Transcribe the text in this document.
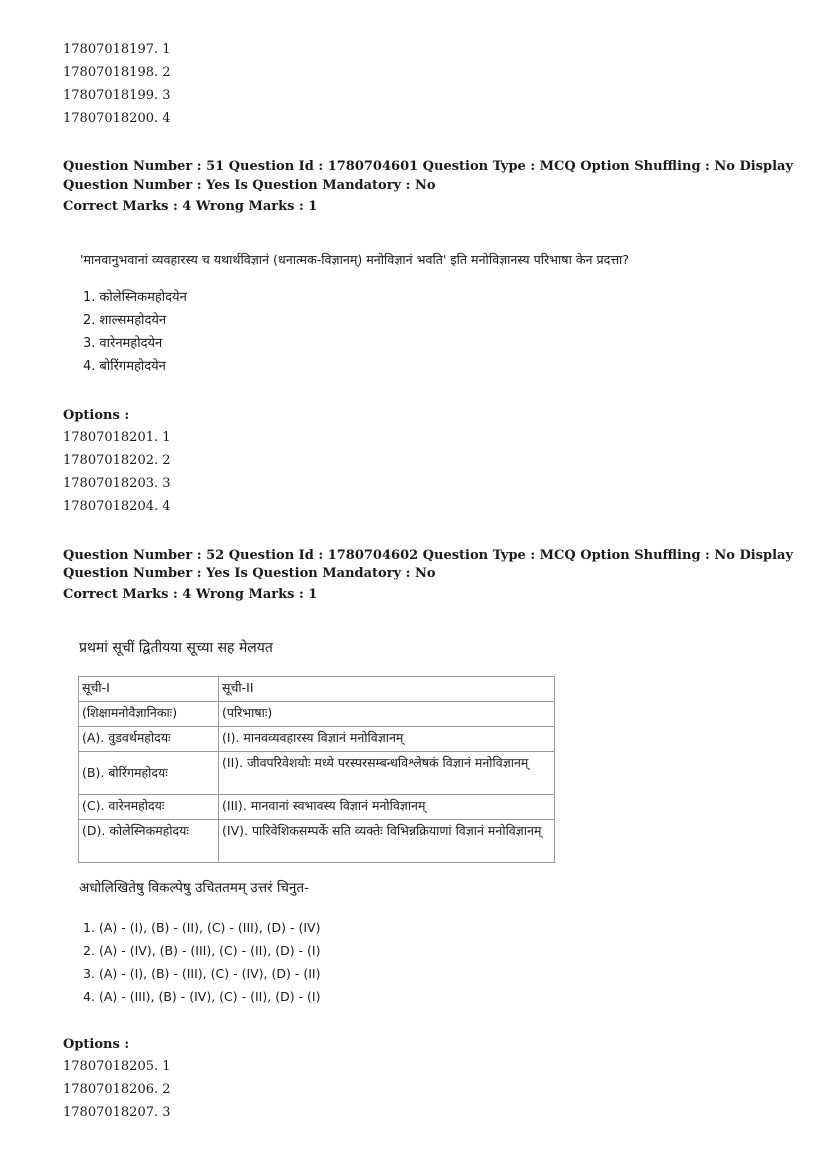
17807018197. 1
17807018198. 2
17807018199. 3
17807018200. 4
Question Number : 51 Question Id : 1780704601 Question Type : MCQ Option Shuffling : No Display
Question Number : Yes Is Question Mandatory : No
Correct Marks : 4 Wrong Marks : 1
'मानवानुभवानां व्यवहारस्य च यथार्थविज्ञानं (धनात्मक-विज्ञानम्) मनोविज्ञानं भवति' इति मनोविज्ञानस्य परिभाषा केन प्रदत्ता?
1. कोलेस्निकमहोदयेन
2. शाल्समहोदयेन
3. वारेनमहोदयेन
4. बोरिंगमहोदयेन
Options :
17807018201. 1
17807018202. 2
17807018203. 3
17807018204. 4
Question Number : 52 Question Id : 1780704602 Question Type : MCQ Option Shuffling : No Display
Question Number : Yes Is Question Mandatory : No
Correct Marks : 4 Wrong Marks : 1
प्रथमां सूचीं द्वितीयया सूच्या सह मेलयत
सूची-I	सूची-II
(शिक्षामनोवैज्ञानिकाः)	(परिभाषाः)
(A). वुडवर्थमहोदयः	(I). मानवव्यवहारस्य विज्ञानं मनोविज्ञानम्
(B). बोरिंगमहोदयः	(II). जीवपरिवेशयोः मध्ये परस्परसम्बन्धविश्लेषकं विज्ञानं मनोविज्ञानम्
(C). वारेनमहोदयः	(III). मानवानां स्वभावस्य विज्ञानं मनोविज्ञानम्
(D). कोलेस्निकमहोदयः	(IV). पारिवेशिकसम्पर्के सति व्यक्तेः विभिन्नक्रियाणां विज्ञानं मनोविज्ञानम्
अधोलिखितेषु विकल्पेषु उचिततमम् उत्तरं चिनुत-
1. (A) - (I), (B) - (II), (C) - (III), (D) - (IV)
2. (A) - (IV), (B) - (III), (C) - (II), (D) - (I)
3. (A) - (I), (B) - (III), (C) - (IV), (D) - (II)
4. (A) - (III), (B) - (IV), (C) - (II), (D) - (I)
Options :
17807018205. 1
17807018206. 2
17807018207. 3
